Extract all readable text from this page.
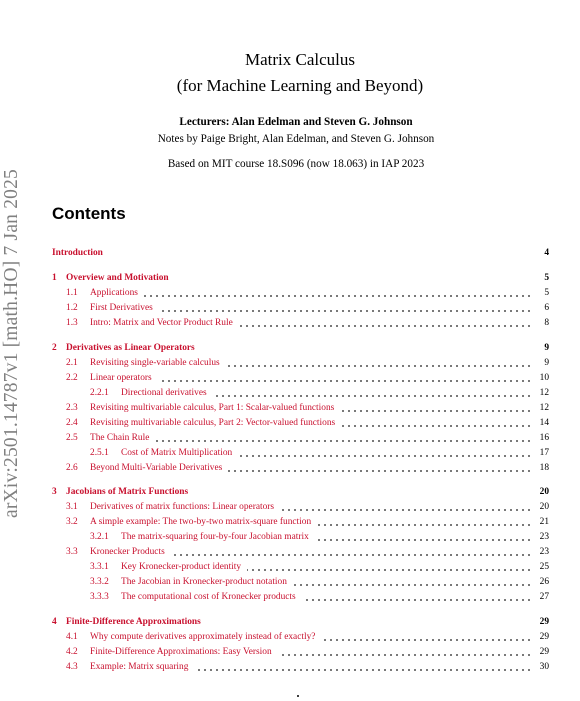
arXiv:2501.14787v1 [math.HO] 7 Jan 2025
Matrix Calculus
(for Machine Learning and Beyond)
Lecturers: Alan Edelman and Steven G. Johnson
Notes by Paige Bright, Alan Edelman, and Steven G. Johnson
Based on MIT course 18.S096 (now 18.063) in IAP 2023
Contents
Introduction	4
1 Overview and Motivation	5
1.1 Applications	5
1.2 First Derivatives	6
1.3 Intro: Matrix and Vector Product Rule	8
2 Derivatives as Linear Operators	9
2.1 Revisiting single-variable calculus	9
2.2 Linear operators	10
2.2.1 Directional derivatives	12
2.3 Revisiting multivariable calculus, Part 1: Scalar-valued functions	12
2.4 Revisiting multivariable calculus, Part 2: Vector-valued functions	14
2.5 The Chain Rule	16
2.5.1 Cost of Matrix Multiplication	17
2.6 Beyond Multi-Variable Derivatives	18
3 Jacobians of Matrix Functions	20
3.1 Derivatives of matrix functions: Linear operators	20
3.2 A simple example: The two-by-two matrix-square function	21
3.2.1 The matrix-squaring four-by-four Jacobian matrix	23
3.3 Kronecker Products	23
3.3.1 Key Kronecker-product identity	25
3.3.2 The Jacobian in Kronecker-product notation	26
3.3.3 The computational cost of Kronecker products	27
4 Finite-Difference Approximations	29
4.1 Why compute derivatives approximately instead of exactly?	29
4.2 Finite-Difference Approximations: Easy Version	29
4.3 Example: Matrix squaring	30
